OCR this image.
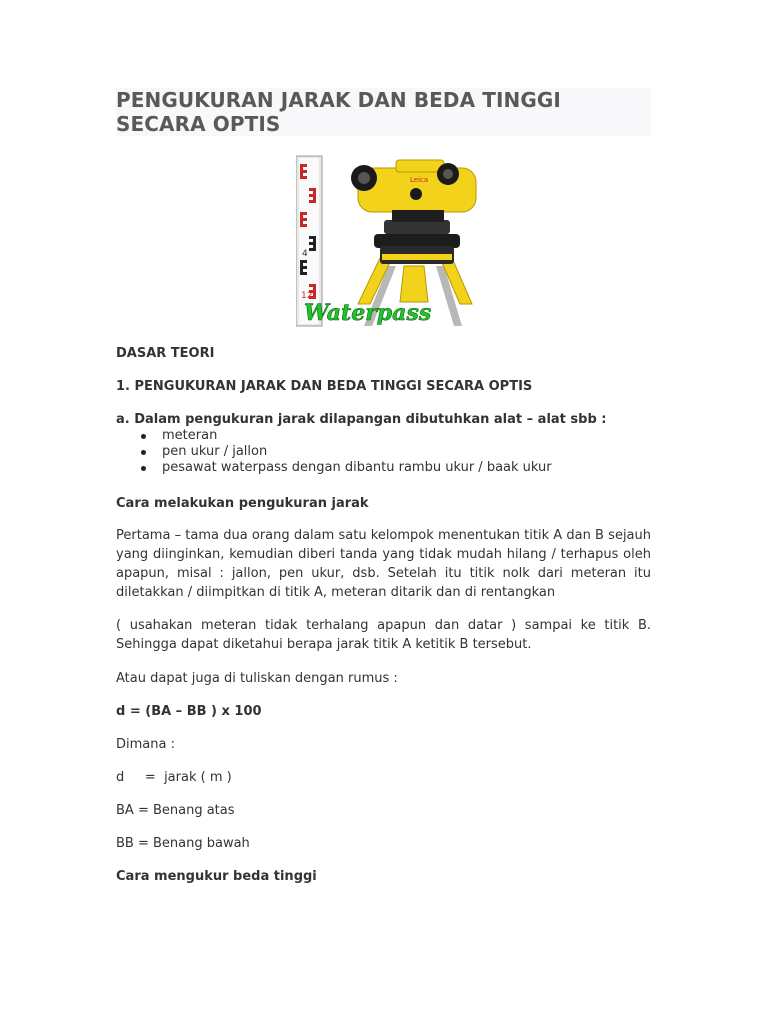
PENGUKURAN JARAK DAN BEDA TINGGI SECARA OPTIS
4
12
Leica
Waterpass

DASAR TEORI

1. PENGUKURAN JARAK DAN BEDA TINGGI SECARA OPTIS

a. Dalam pengukuran jarak dilapangan dibutuhkan alat – alat sbb :

meteran
pen ukur / jallon
pesawat waterpass dengan dibantu rambu ukur / baak ukur

Cara melakukan pengukuran jarak

Pertama – tama dua orang dalam satu kelompok menentukan titik A dan B sejauh yang diinginkan, kemudian diberi tanda yang tidak mudah hilang / terhapus oleh apapun, misal : jallon, pen ukur, dsb. Setelah itu titik nolk dari meteran itu diletakkan / diimpitkan di titik A, meteran ditarik dan di rentangkan

( usahakan meteran tidak terhalang apapun dan datar ) sampai ke titik B. Sehingga dapat diketahui berapa jarak titik A ketitik B tersebut.

Atau dapat juga di tuliskan dengan rumus :

d = (BA – BB ) x 100

Dimana :

d     =  jarak ( m )

BA = Benang atas

BB = Benang bawah

Cara mengukur beda tinggi
